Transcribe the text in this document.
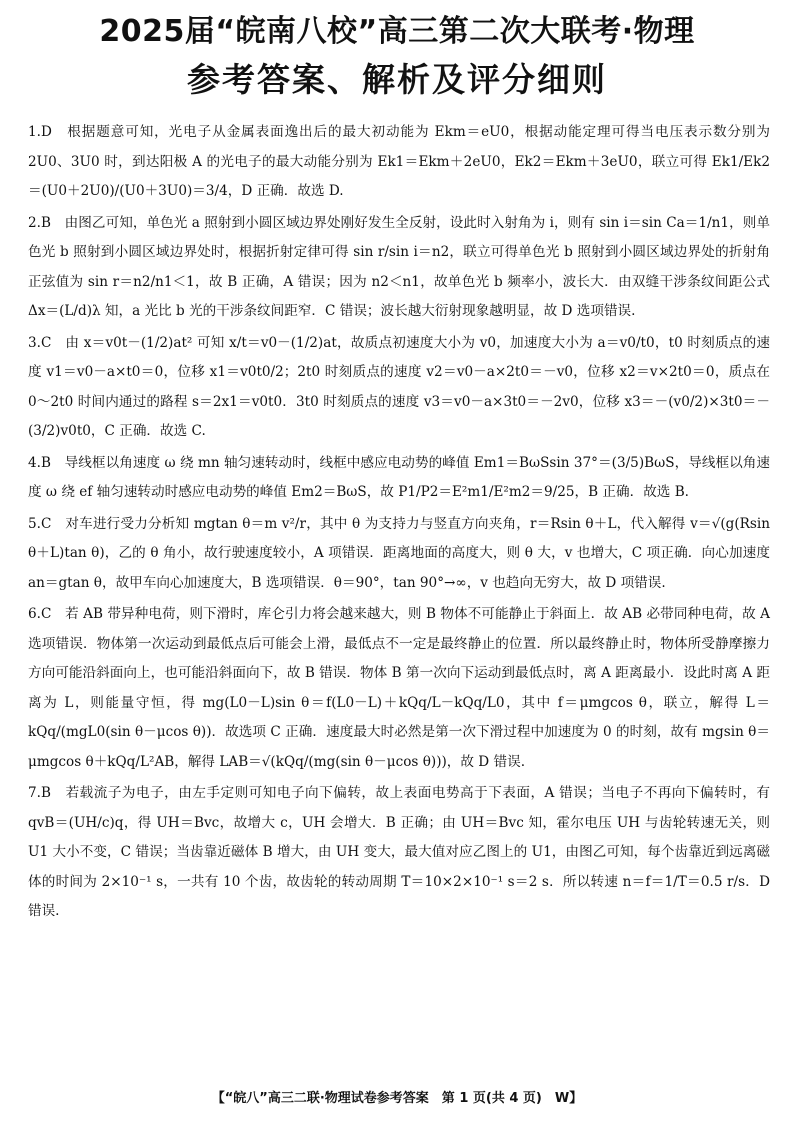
2025届“皖南八校”高三第二次大联考·物理
参考答案、解析及评分细则

1.D　 根据题意可知，光电子从金属表面逸出后的最大初动能为 Ekm＝eU0，根据动能定理可得当电压表示数分别为 2U0、3U0 时，到达阳极 A 的光电子的最大动能分别为 Ek1＝Ekm＋2eU0，Ek2＝Ekm＋3eU0，联立可得 Ek1/Ek2 ＝(U0＋2U0)/(U0＋3U0)＝3/4，D 正确．故选 D.

2.B　 由图乙可知，单色光 a 照射到小圆区域边界处刚好发生全反射，设此时入射角为 i，则有 sin i＝sin Ca＝1/n1，则单色光 b 照射到小圆区域边界处时，根据折射定律可得 sin r/sin i＝n2，联立可得单色光 b 照射到小圆区域边界处的折射角正弦值为 sin r＝n2/n1＜1，故 B 正确，A 错误；因为 n2＜n1，故单色光 b 频率小，波长大．由双缝干涉条纹间距公式 Δx＝(L/d)λ 知，a 光比 b 光的干涉条纹间距窄．C 错误；波长越大衍射现象越明显，故 D 选项错误.

3.C　 由 x＝v0t－(1/2)at² 可知 x/t＝v0－(1/2)at，故质点初速度大小为 v0，加速度大小为 a＝v0/t0，t0 时刻质点的速度 v1＝v0－a×t0＝0，位移 x1＝v0t0/2；2t0 时刻质点的速度 v2＝v0－a×2t0＝－v0，位移 x2＝v×2t0＝0，质点在 0～2t0 时间内通过的路程 s＝2x1＝v0t0．3t0 时刻质点的速度 v3＝v0－a×3t0＝－2v0，位移 x3＝－(v0/2)×3t0＝－(3/2)v0t0，C 正确．故选 C.

4.B　 导线框以角速度 ω 绕 mn 轴匀速转动时，线框中感应电动势的峰值 Em1＝BωSsin 37°＝(3/5)BωS，导线框以角速度 ω 绕 ef 轴匀速转动时感应电动势的峰值 Em2＝BωS，故 P1/P2＝E²m1/E²m2＝9/25，B 正确．故选 B.

5.C　 对车进行受力分析知 mgtan θ＝m v²/r，其中 θ 为支持力与竖直方向夹角，r＝Rsin θ＋L，代入解得 v＝√(g(Rsin θ＋L)tan θ)，乙的 θ 角小，故行驶速度较小，A 项错误．距离地面的高度大，则 θ 大，v 也增大，C 项正确．向心加速度 an＝gtan θ，故甲车向心加速度大，B 选项错误．θ＝90°，tan 90°→∞，v 也趋向无穷大，故 D 项错误.

6.C　 若 AB 带异种电荷，则下滑时，库仑引力将会越来越大，则 B 物体不可能静止于斜面上．故 AB 必带同种电荷，故 A 选项错误．物体第一次运动到最低点后可能会上滑，最低点不一定是最终静止的位置．所以最终静止时，物体所受静摩擦力方向可能沿斜面向上，也可能沿斜面向下，故 B 错误．物体 B 第一次向下运动到最低点时，离 A 距离最小．设此时离 A 距离为 L，则能量守恒，得 mg(L0－L)sin θ＝f(L0－L)＋kQq/L－kQq/L0，其中 f＝μmgcos θ，联立，解得 L＝kQq/(mgL0(sin θ－μcos θ))．故选项 C 正确．速度最大时必然是第一次下滑过程中加速度为 0 的时刻，故有 mgsin θ＝μmgcos θ＋kQq/L²AB，解得 LAB＝√(kQq/(mg(sin θ－μcos θ)))，故 D 错误.

7.B　 若载流子为电子，由左手定则可知电子向下偏转，故上表面电势高于下表面，A 错误；当电子不再向下偏转时，有 qvB＝(UH/c)q，得 UH＝Bvc，故增大 c，UH 会增大．B 正确；由 UH＝Bvc 知，霍尔电压 UH 与齿轮转速无关，则 U1 大小不变，C 错误；当齿靠近磁体 B 增大，由 UH 变大，最大值对应乙图上的 U1，由图乙可知，每个齿靠近到远离磁体的时间为 2×10⁻¹ s，一共有 10 个齿，故齿轮的转动周期 T＝10×2×10⁻¹ s＝2 s．所以转速 n＝f＝1/T＝0.5 r/s．D 错误.

【“皖八”高三二联·物理试卷参考答案　第 1 页(共 4 页)　W】
